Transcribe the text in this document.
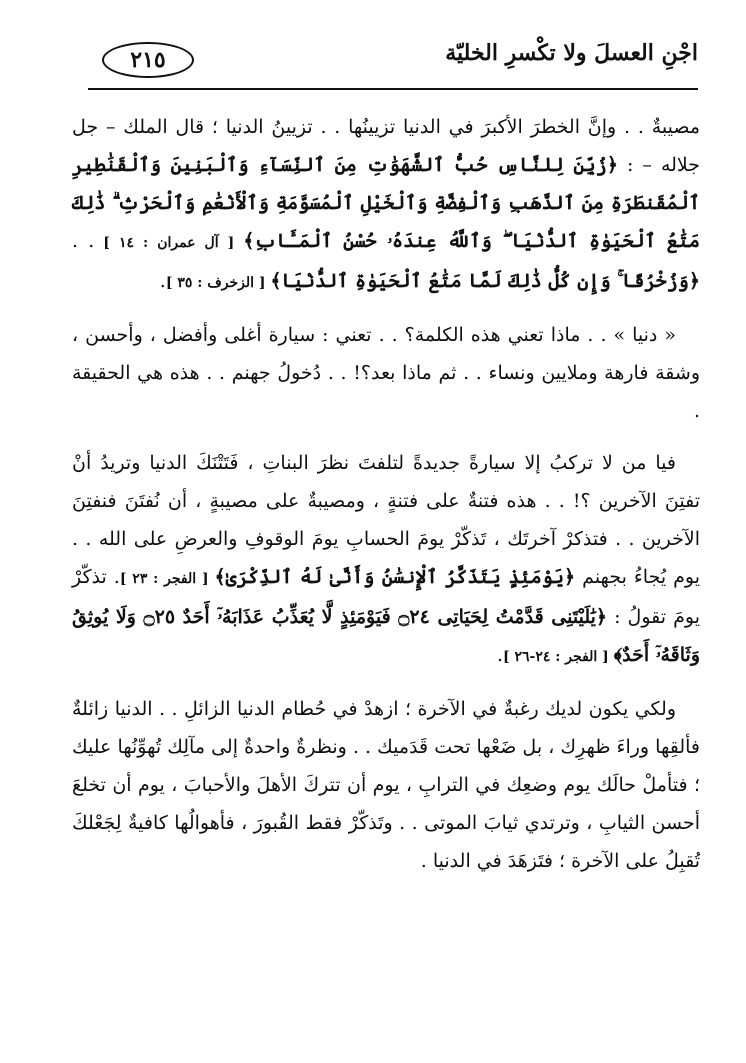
٢١٥	اجْنِ العسلَ ولا تكْسرِ الخليّة

مصيبةٌ . . وإنَّ الخطرَ الأكبرَ في الدنيا تزيينُها . . تزيينُ الدنيا ؛ قال الملك – جل جلاله – : ﴿زُيِّنَ لِلنَّاسِ حُبُّ ٱلشَّهَوَٰتِ مِنَ ٱلنِّسَآءِ وَٱلْبَنِينَ وَٱلْقَنَٰطِيرِ ٱلْمُقَنطَرَةِ مِنَ ٱلذَّهَبِ وَٱلْفِضَّةِ وَٱلْخَيْلِ ٱلْمُسَوَّمَةِ وَٱلْأَنْعَٰمِ وَٱلْحَرْثِ ۗ ذَٰلِكَ مَتَٰعُ ٱلْحَيَوٰةِ ٱلدُّنْيَا ۖ وَٱللَّهُ عِندَهُۥ حُسْنُ ٱلْمَـَٔابِ﴾ [ آل عمران : ١٤ ] . . ﴿وَزُخْرُفًا ۚ وَإِن كُلُّ ذَٰلِكَ لَمَّا مَتَٰعُ ٱلْحَيَوٰةِ ٱلدُّنْيَا﴾ [ الزخرف : ٣٥ ].

« دنيا » . . ماذا تعني هذه الكلمة؟ . . تعني : سيارة أغلى وأفضل ، وأحسن ، وشقة فارهة وملايين ونساء . . ثم ماذا بعد؟! . . دُخولُ جهنم . . هذه هي الحقيقة .

فيا من لا تركبُ إلا سيارةً جديدةً لتلفتَ نظرَ البناتِ ، فَتَتْنَكَ الدنيا وتريدُ أنْ تفتِنَ الآخرين ؟! . . هذه فتنةٌ على فتنةٍ ، ومصيبةٌ على مصيبةٍ ، أن نُفتَنَ فنفتِنَ الآخرين . . فتذكرْ آخرتَك ، تَذكّرْ يومَ الحسابِ يومَ الوقوفِ والعرضِ على الله . . يوم يُجاءُ بجهنم ﴿يَوْمَئِذٍ يَتَذَكَّرُ ٱلْإِنسَٰنُ وَأَنَّىٰ لَهُ ٱلذِّكْرَىٰ﴾ [ الفجر : ٢٣ ]. تذكّرْ يومَ تقولُ : ﴿يَٰلَيْتَنِى قَدَّمْتُ لِحَيَاتِى ۝٢٤ فَيَوْمَئِذٍ لَّا يُعَذِّبُ عَذَابَهُۥٓ أَحَدٌ ۝٢٥ وَلَا يُوثِقُ وَثَاقَهُۥٓ أَحَدٌ﴾ [ الفجر : ٢٤-٢٦ ].

ولكي يكون لديك رغبةٌ في الآخرة ؛ ازهدْ في حُطام الدنيا الزائلِ . . الدنيا زائلةٌ فألقِها وراءَ ظهرِك ، بل ضَعْها تحت قَدَميك . . ونظرةٌ واحدةٌ إلى مآلِك تُهوِّنُها عليك ؛ فتأملْ حالَك يوم وضعِك في الترابِ ، يوم أن تتركَ الأهلَ والأحبابَ ، يوم أن تخلعَ أحسن الثيابِ ، وترتدي ثيابَ الموتى . . وتَذكّرْ فقط القُبورَ ، فأهوالُها كافيةٌ لِجَعْلكَ تُقبِلُ على الآخرة ؛ فتَزهَدَ في الدنيا .
